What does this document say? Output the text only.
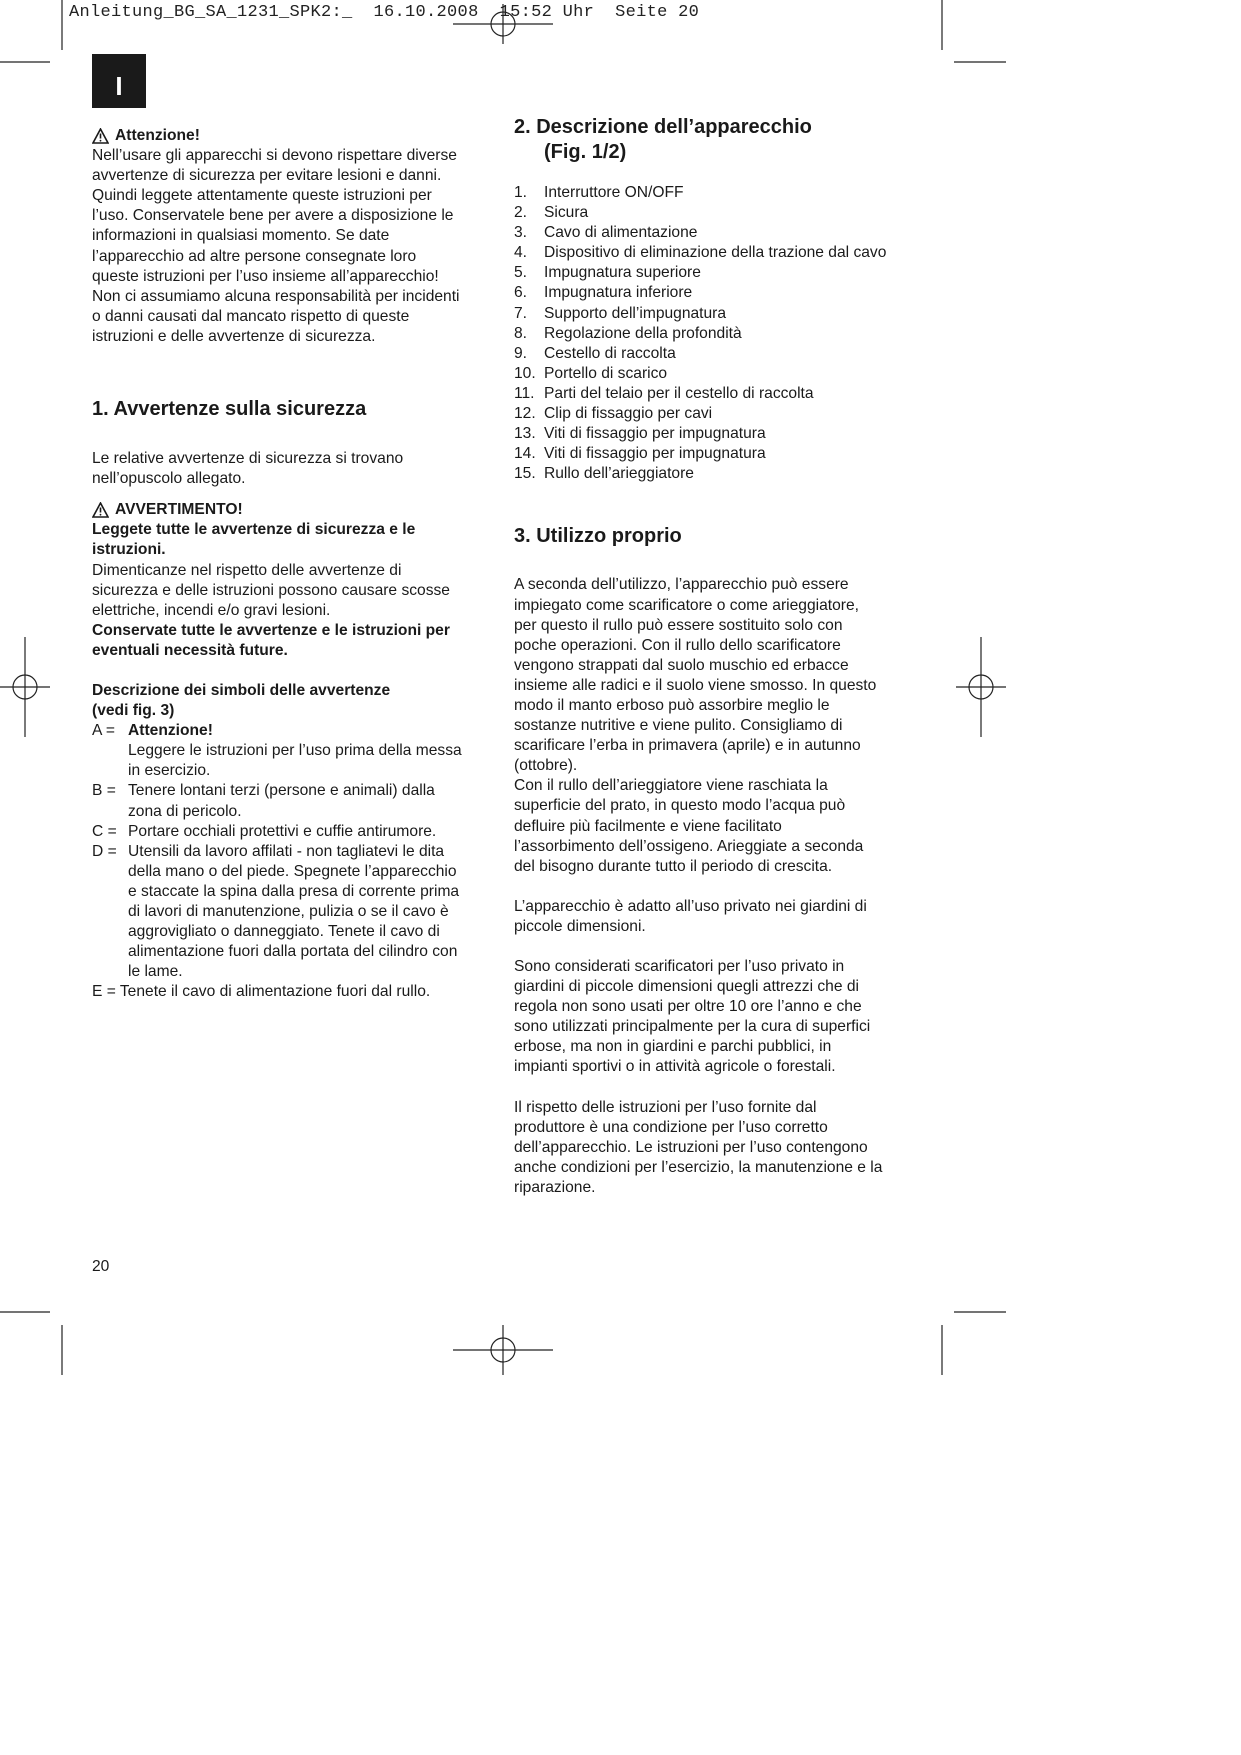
Anleitung_BG_SA_1231_SPK2:_  16.10.2008  15:52 Uhr  Seite 20
I
Attenzione!
Nell’usare gli apparecchi si devono rispettare diverse
avvertenze di sicurezza per evitare lesioni e danni.
Quindi leggete attentamente queste istruzioni per
l’uso. Conservatele bene per avere a disposizione le
informazioni in qualsiasi momento. Se date
l’apparecchio ad altre persone consegnate loro
queste istruzioni per l’uso insieme all’apparecchio!
Non ci assumiamo alcuna responsabilità per incidenti
o danni causati dal mancato rispetto di queste
istruzioni e delle avvertenze di sicurezza.
1. Avvertenze sulla sicurezza
Le relative avvertenze di sicurezza si trovano
nell’opuscolo allegato.
AVVERTIMENTO!
Leggete tutte le avvertenze di sicurezza e le
istruzioni.
Dimenticanze nel rispetto delle avvertenze di
sicurezza e delle istruzioni possono causare scosse
elettriche, incendi e/o gravi lesioni.
Conservate tutte le avvertenze e le istruzioni per
eventuali necessità future.
Descrizione dei simboli delle avvertenze
(vedi fig. 3)
A = Attenzione!
Leggere le istruzioni per l’uso prima della messa
in esercizio.
B = Tenere lontani terzi (persone e animali) dalla
zona di pericolo.
C = Portare occhiali protettivi e cuffie antirumore.
D = Utensili da lavoro affilati - non tagliatevi le dita
della mano o del piede. Spegnete l’apparecchio
e staccate la spina dalla presa di corrente prima
di lavori di manutenzione, pulizia o se il cavo è
aggrovigliato o danneggiato. Tenete il cavo di
alimentazione fuori dalla portata del cilindro con
le lame.
E = Tenete il cavo di alimentazione fuori dal rullo.
2. Descrizione dell’apparecchio
(Fig. 1/2)
1.	Interruttore ON/OFF
2.	Sicura
3.	Cavo di alimentazione
4.	Dispositivo di eliminazione della trazione dal cavo
5.	Impugnatura superiore
6.	Impugnatura inferiore
7.	Supporto dell’impugnatura
8.	Regolazione della profondità
9.	Cestello di raccolta
10. Portello di scarico
11. Parti del telaio per il cestello di raccolta
12. Clip di fissaggio per cavi
13. Viti di fissaggio per impugnatura
14. Viti di fissaggio per impugnatura
15. Rullo dell’arieggiatore
3. Utilizzo proprio
A seconda dell’utilizzo, l’apparecchio può essere
impiegato come scarificatore o come arieggiatore,
per questo il rullo può essere sostituito solo con
poche operazioni. Con il rullo dello scarificatore
vengono strappati dal suolo muschio ed erbacce
insieme alle radici e il suolo viene smosso. In questo
modo il manto erboso può assorbire meglio le
sostanze nutritive e viene pulito. Consigliamo di
scarificare l’erba in primavera (aprile) e in autunno
(ottobre).
Con il rullo dell’arieggiatore viene raschiata la
superficie del prato, in questo modo l’acqua può
defluire più facilmente e viene facilitato
l’assorbimento dell’ossigeno. Arieggiate a seconda
del bisogno durante tutto il periodo di crescita.
L’apparecchio è adatto all’uso privato nei giardini di
piccole dimensioni.
Sono considerati scarificatori per l’uso privato in
giardini di piccole dimensioni quegli attrezzi che di
regola non sono usati per oltre 10 ore l’anno e che
sono utilizzati principalmente per la cura di superfici
erbose, ma non in giardini e parchi pubblici, in
impianti sportivi o in attività agricole o forestali.
Il rispetto delle istruzioni per l’uso fornite dal
produttore è una condizione per l’uso corretto
dell’apparecchio. Le istruzioni per l’uso contengono
anche condizioni per l’esercizio, la manutenzione e la
riparazione.
20
